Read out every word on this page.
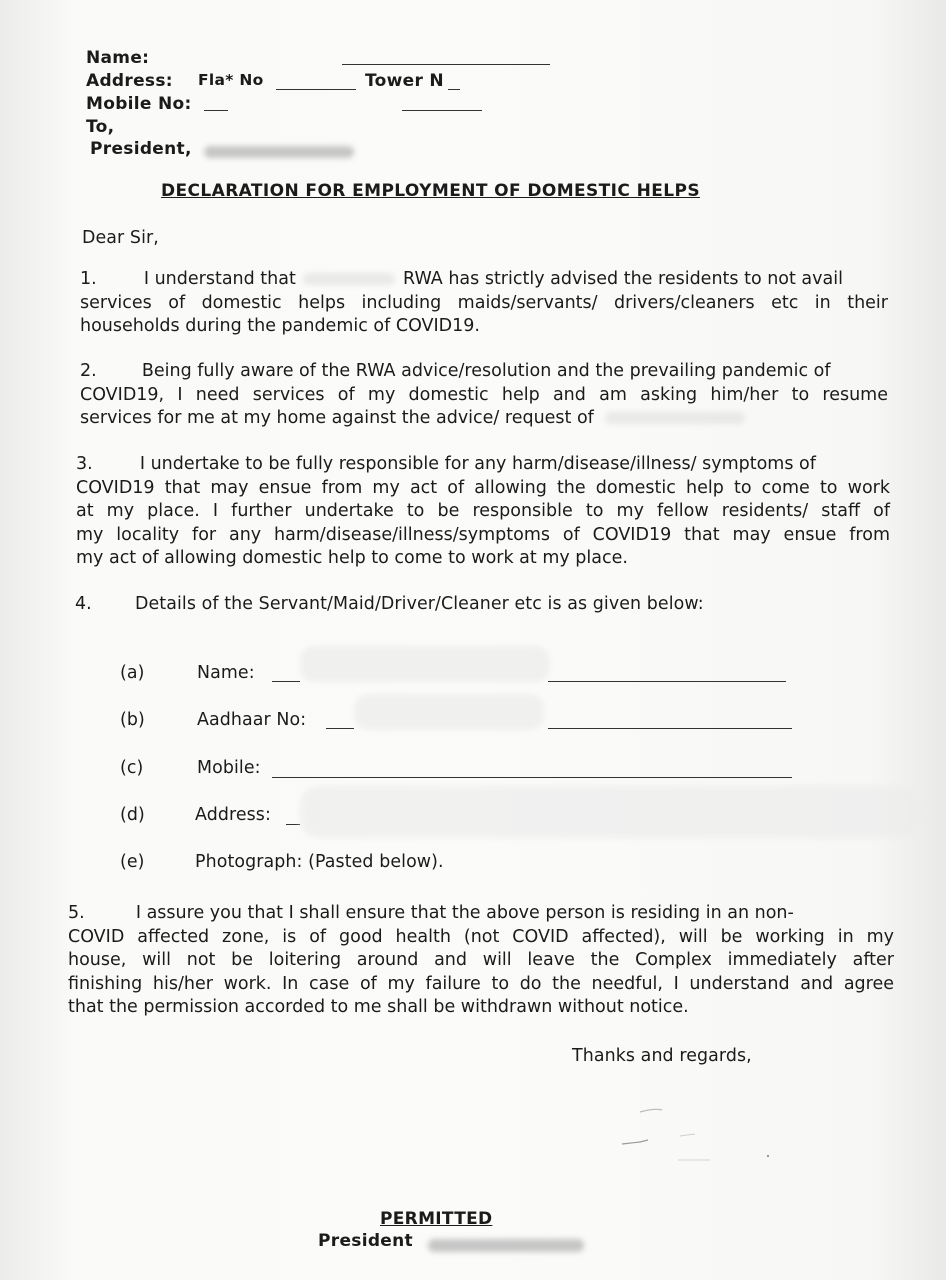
Name:
Address: Fla* No	Tower N
Mobile No:
To,
President,
DECLARATION FOR EMPLOYMENT OF DOMESTIC HELPS
Dear Sir,
1.	I understand that	RWA has strictly advised the residents to not avail
services of domestic helps including maids/servants/ drivers/cleaners etc in their
households during the pandemic of COVID19.
2.	Being fully aware of the RWA advice/resolution and the prevailing pandemic of
COVID19, I need services of my domestic help and am asking him/her to resume
services for me at my home against the advice/ request of
3.	I undertake to be fully responsible for any harm/disease/illness/ symptoms of
COVID19 that may ensue from my act of allowing the domestic help to come to work
at my place. I further undertake to be responsible to my fellow residents/ staff of
my locality for any harm/disease/illness/symptoms of COVID19 that may ensue from
my act of allowing domestic help to come to work at my place.
4. Details of the Servant/Maid/Driver/Cleaner etc is as given below:
(a)	Name:
(b)	Aadhaar No:
(c)	Mobile:
(d)	Address:
(e)	Photograph: (Pasted below).
5.	I assure you that I shall ensure that the above person is residing in an non-
COVID affected zone, is of good health (not COVID affected), will be working in my
house, will not be loitering around and will leave the Complex immediately after
finishing his/her work. In case of my failure to do the needful, I understand and agree
that the permission accorded to me shall be withdrawn without notice.
Thanks and regards,
PERMITTED
President
